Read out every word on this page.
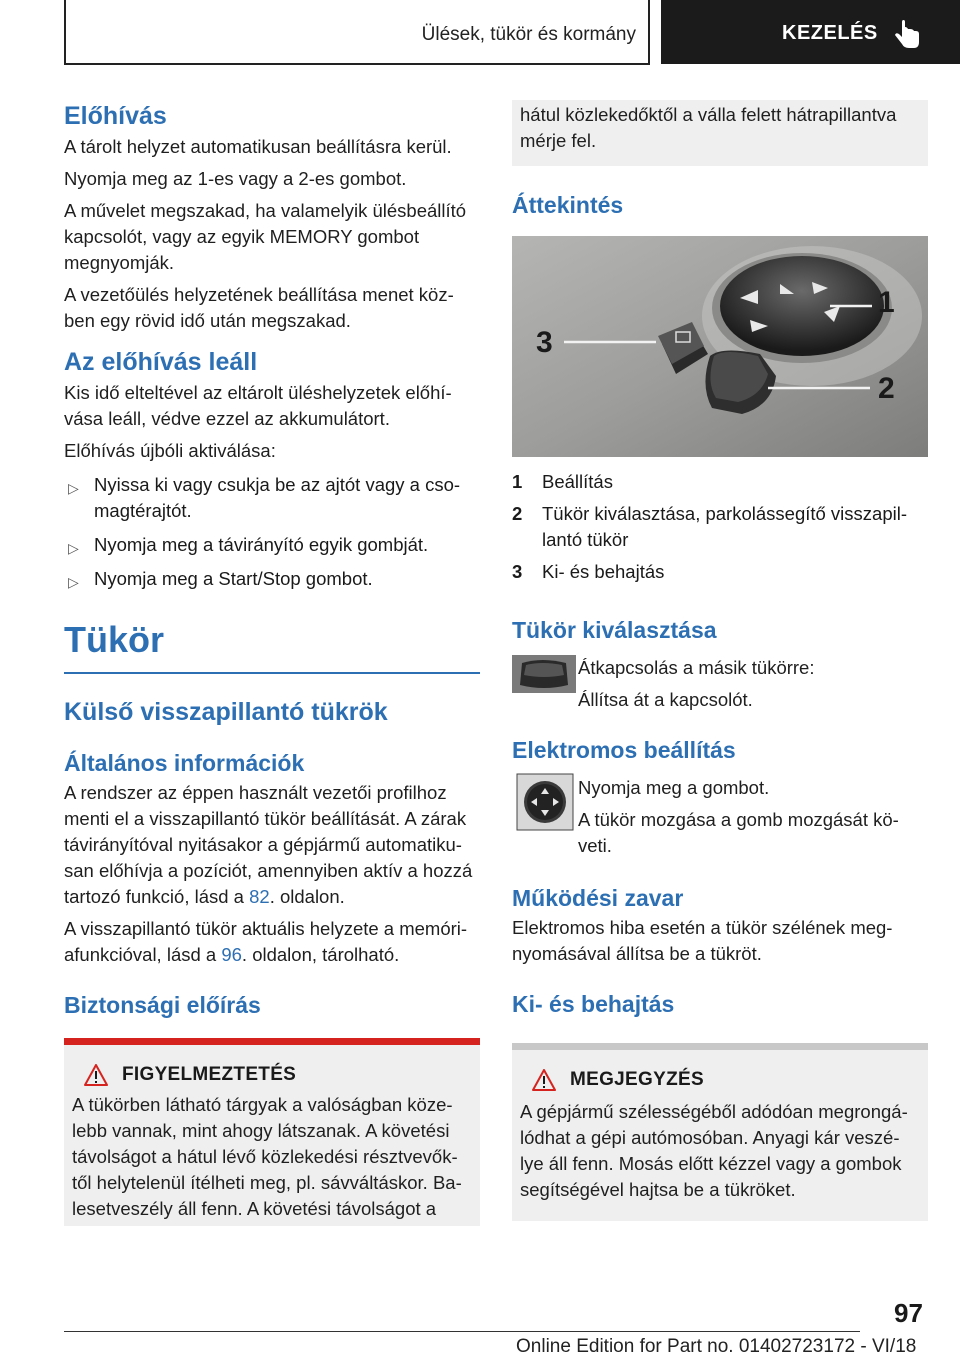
Ülések, tükör és kormány	KEZELÉS
Előhívás

A tárolt helyzet automatikusan beállításra kerül.

Nyomja meg az 1-es vagy a 2-es gombot.

A művelet megszakad, ha valamelyik ülésbeállító kapcsolót, vagy az egyik MEMORY gombot megnyomják.

A vezetőülés helyzetének beállítása menet köz-ben egy rövid idő után megszakad.

Az előhívás leáll

Kis idő elteltével az eltárolt üléshelyzetek előhí-vása leáll, védve ezzel az akkumulátort.

Előhívás újbóli aktiválása:

▷ Nyissa ki vagy csukja be az ajtót vagy a cso-magtérajtót.
▷ Nyomja meg a távirányító egyik gombját.
▷ Nyomja meg a Start/Stop gombot.
Tükör
Külső visszapillantó tükrök
Általános információk

A rendszer az éppen használt vezetői profilhoz menti el a visszapillantó tükör beállítását. A zárak távirányítóval nyitásakor a gépjármű automatiku-san előhívja a pozíciót, amennyiben aktív a hozzá tartozó funkció, lásd a 82. oldalon.

A visszapillantó tükör aktuális helyzete a memóri-afunkcióval, lásd a 96. oldalon, tárolható.

Biztonsági előírás
FIGYELMEZTETÉS

A tükörben látható tárgyak a valóságban köze-lebb vannak, mint ahogy látszanak. A követési távolságot a hátul lévő közlekedési résztvevők-től helytelenül ítélheti meg, pl. sávváltáskor. Ba-lesetveszély áll fenn. A követési távolságot a

hátul közlekedőktől a válla felett hátrapillantva mérje fel.

Áttekintés
1
2
3
1 Beállítás
2 Tükör kiválasztása, parkolássegítő visszapil-lantó tükör
3 Ki- és behajtás
Tükör kiválasztása

Átkapcsolás a másik tükörre:

Állítsa át a kapcsolót.

Elektromos beállítás

Nyomja meg a gombot.

A tükör mozgása a gomb mozgását kö-veti.

Működési zavar

Elektromos hiba esetén a tükör szélének meg-nyomásával állítsa be a tükröt.

Ki- és behajtás
MEGJEGYZÉS

A gépjármű szélességéből adódóan megrongá-lódhat a gépi autómosóban. Anyagi kár veszé-lye áll fenn. Mosás előtt kézzel vagy a gombok segítségével hajtsa be a tükröket.

97
Online Edition for Part no. 01402723172 - VI/18
